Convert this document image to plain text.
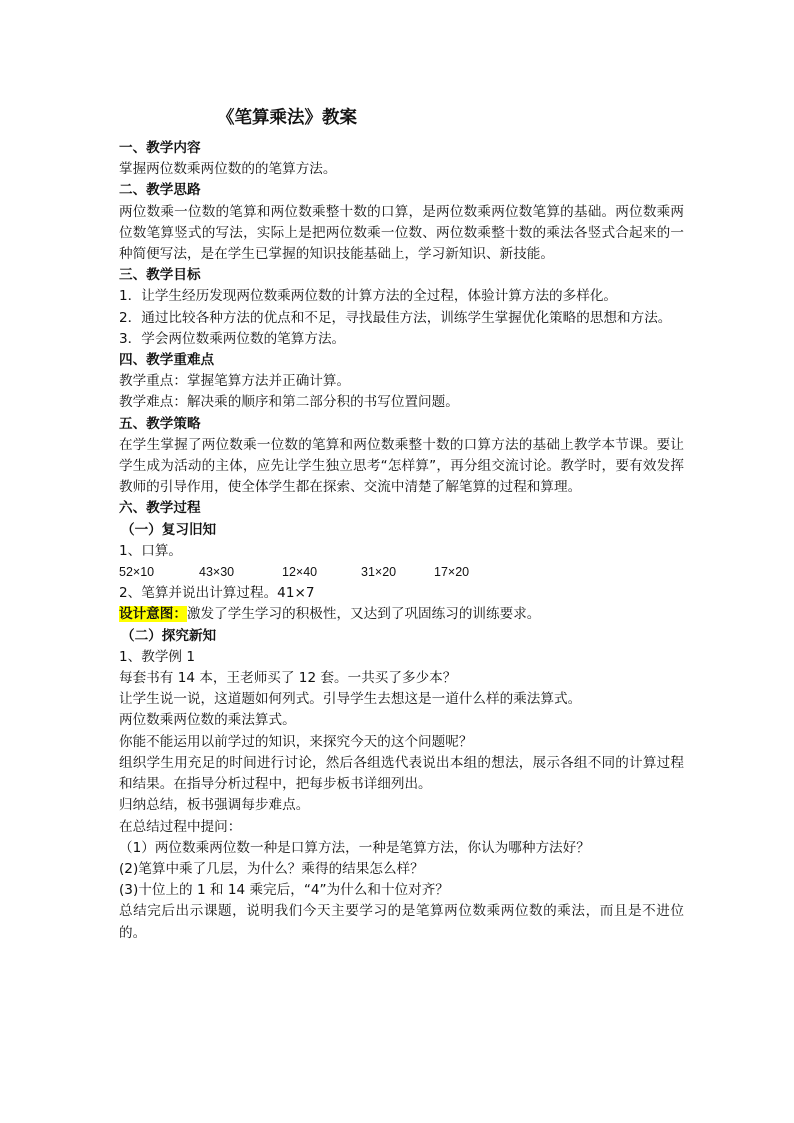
《笔算乘法》教案

一、教学内容

掌握两位数乘两位数的的笔算方法。

二、教学思路

两位数乘一位数的笔算和两位数乘整十数的口算，是两位数乘两位数笔算的基础。两位数乘两位数笔算竖式的写法，实际上是把两位数乘一位数、两位数乘整十数的乘法各竖式合起来的一种简便写法，是在学生已掌握的知识技能基础上，学习新知识、新技能。

三、教学目标

1．让学生经历发现两位数乘两位数的计算方法的全过程，体验计算方法的多样化。

2．通过比较各种方法的优点和不足，寻找最佳方法，训练学生掌握优化策略的思想和方法。

3．学会两位数乘两位数的笔算方法。

四、教学重难点

教学重点：掌握笔算方法并正确计算。

教学难点：解决乘的顺序和第二部分积的书写位置问题。

五、教学策略

在学生掌握了两位数乘一位数的笔算和两位数乘整十数的口算方法的基础上教学本节课。要让学生成为活动的主体，应先让学生独立思考“怎样算”，再分组交流讨论。教学时，要有效发挥教师的引导作用，使全体学生都在探索、交流中清楚了解笔算的过程和算理。

六、教学过程

（一）复习旧知

1、口算。

52×10	43×30	12×40	31×20	17×20

2、笔算并说出计算过程。41×7

设计意图：激发了学生学习的积极性，又达到了巩固练习的训练要求。

（二）探究新知

1、教学例 1

每套书有 14 本，王老师买了 12 套。一共买了多少本？

让学生说一说，这道题如何列式。引导学生去想这是一道什么样的乘法算式。

两位数乘两位数的乘法算式。

你能不能运用以前学过的知识，来探究今天的这个问题呢？

组织学生用充足的时间进行讨论，然后各组选代表说出本组的想法，展示各组不同的计算过程和结果。在指导分析过程中，把每步板书详细列出。

归纳总结，板书强调每步难点。

在总结过程中提问：

（1）两位数乘两位数一种是口算方法，一种是笔算方法，你认为哪种方法好？

(2)笔算中乘了几层，为什么？乘得的结果怎么样？

(3)十位上的 1 和 14 乘完后，“4”为什么和十位对齐？

总结完后出示课题，说明我们今天主要学习的是笔算两位数乘两位数的乘法，而且是不进位的。
